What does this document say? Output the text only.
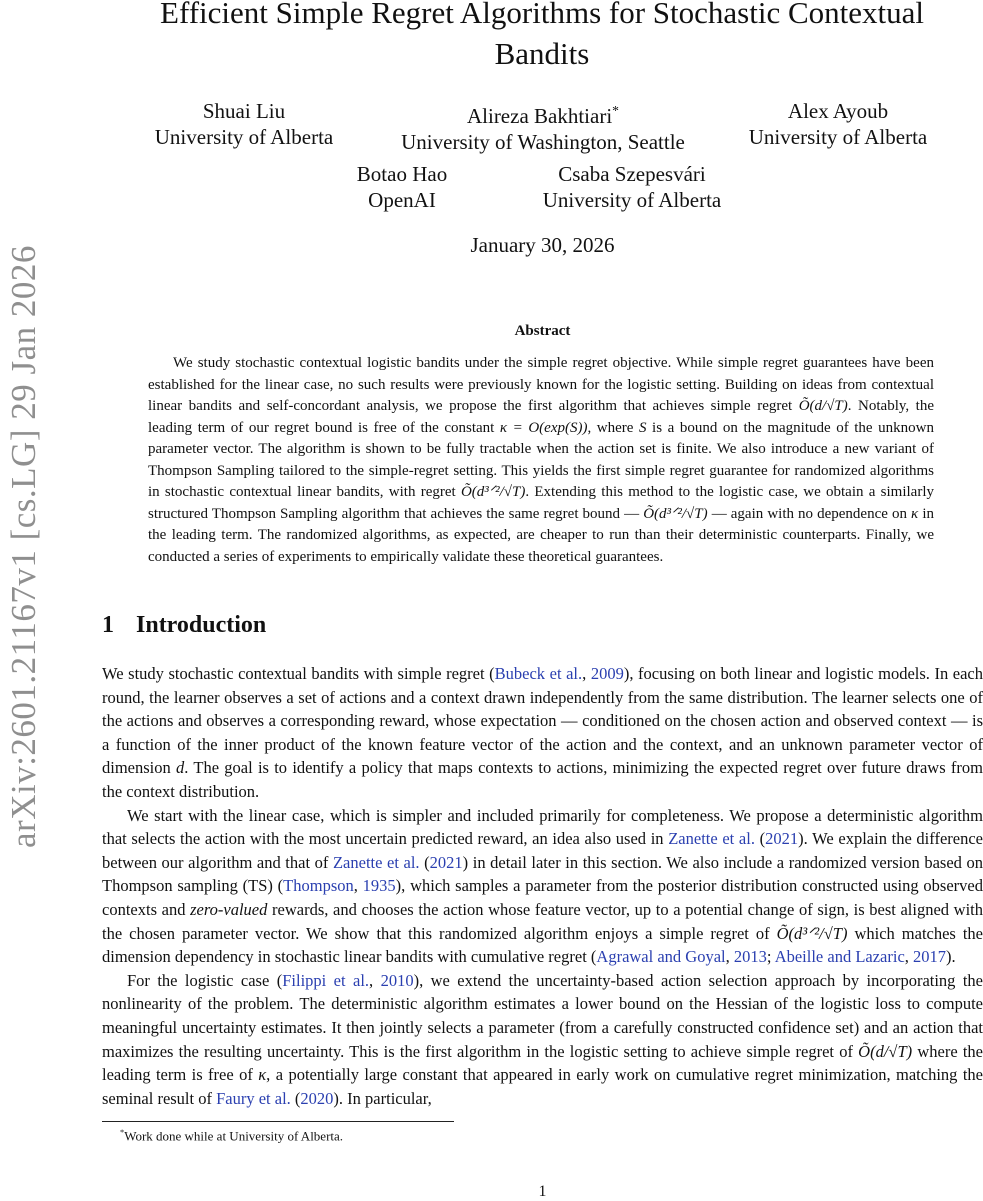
arXiv:2601.21167v1 [cs.LG] 29 Jan 2026
Efficient Simple Regret Algorithms for Stochastic Contextual Bandits
Shuai Liu
University of Alberta
Alireza Bakhtiari*
University of Washington, Seattle
Alex Ayoub
University of Alberta
Botao Hao
OpenAI
Csaba Szepesvári
University of Alberta
January 30, 2026
Abstract

We study stochastic contextual logistic bandits under the simple regret objective. While simple regret guarantees have been established for the linear case, no such results were previously known for the logistic setting. Building on ideas from contextual linear bandits and self-concordant analysis, we propose the first algorithm that achieves simple regret Õ(d/√T). Notably, the leading term of our regret bound is free of the constant κ = O(exp(S)), where S is a bound on the magnitude of the unknown parameter vector. The algorithm is shown to be fully tractable when the action set is finite. We also introduce a new variant of Thompson Sampling tailored to the simple-regret setting. This yields the first simple regret guarantee for randomized algorithms in stochastic contextual linear bandits, with regret Õ(d³ᐟ²/√T). Extending this method to the logistic case, we obtain a similarly structured Thompson Sampling algorithm that achieves the same regret bound — Õ(d³ᐟ²/√T) — again with no dependence on κ in the leading term. The randomized algorithms, as expected, are cheaper to run than their deterministic counterparts. Finally, we conducted a series of experiments to empirically validate these theoretical guarantees.

1 Introduction

We study stochastic contextual bandits with simple regret (Bubeck et al., 2009), focusing on both linear and logistic models. In each round, the learner observes a set of actions and a context drawn independently from the same distribution. The learner selects one of the actions and observes a corresponding reward, whose expectation — conditioned on the chosen action and observed context — is a function of the inner product of the known feature vector of the action and the context, and an unknown parameter vector of dimension d. The goal is to identify a policy that maps contexts to actions, minimizing the expected regret over future draws from the context distribution.

We start with the linear case, which is simpler and included primarily for completeness. We propose a deterministic algorithm that selects the action with the most uncertain predicted reward, an idea also used in Zanette et al. (2021). We explain the difference between our algorithm and that of Zanette et al. (2021) in detail later in this section. We also include a randomized version based on Thompson sampling (TS) (Thompson, 1935), which samples a parameter from the posterior distribution constructed using observed contexts and zero-valued rewards, and chooses the action whose feature vector, up to a potential change of sign, is best aligned with the chosen parameter vector. We show that this randomized algorithm enjoys a simple regret of Õ(d³ᐟ²/√T) which matches the dimension dependency in stochastic linear bandits with cumulative regret (Agrawal and Goyal, 2013; Abeille and Lazaric, 2017).

For the logistic case (Filippi et al., 2010), we extend the uncertainty-based action selection approach by incorporating the nonlinearity of the problem. The deterministic algorithm estimates a lower bound on the Hessian of the logistic loss to compute meaningful uncertainty estimates. It then jointly selects a parameter (from a carefully constructed confidence set) and an action that maximizes the resulting uncertainty. This is the first algorithm in the logistic setting to achieve simple regret of Õ(d/√T) where the leading term is free of κ, a potentially large constant that appeared in early work on cumulative regret minimization, matching the seminal result of Faury et al. (2020). In particular,

*Work done while at University of Alberta.
1
